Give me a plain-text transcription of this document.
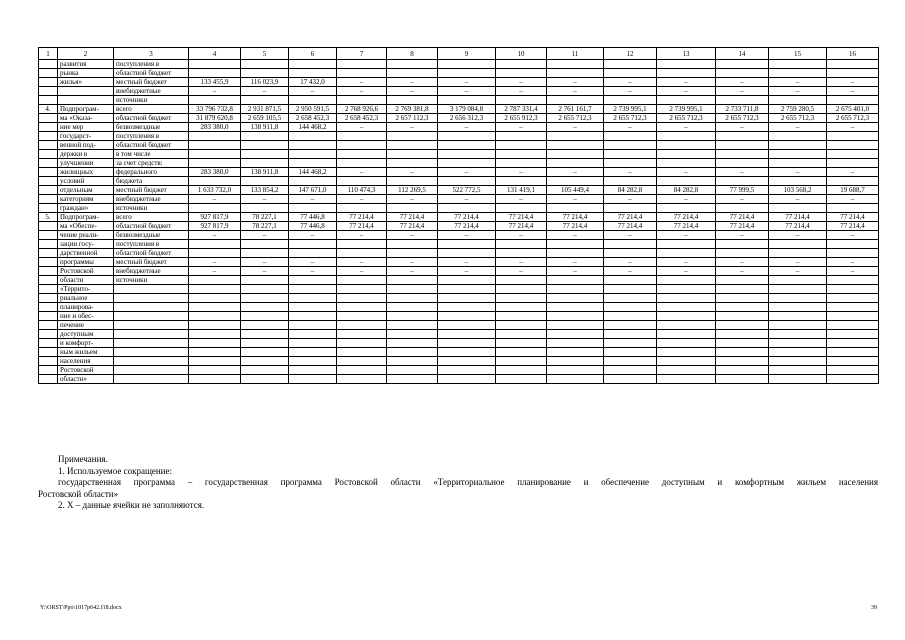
1	2	3	4	5	6	7	8	9	10	11	12	13	14	15	16
	развития	поступления в													
	рынка	областной бюджет													
	жилья»	местный бюджет	133 455,9	116 023,9	17 432,0	–	–	–	–	–	–	–	–	–	–
		внебюджетные	–	–	–	–	–	–	–	–	–	–	–	–	–
		источники													
4.	Подпрограм-	всего	33 796 732,8	2 931 871,5	2 950 591,5	2 768 926,6	2 769 381,8	3 179 084,8	2 787 331,4	2 761 161,7	2 739 995,1	2 739 995,1	2 733 711,8	2 759 280,5	2 675 401,0
	ма «Оказа-	областной бюджет	31 879 620,8	2 659 105,5	2 658 452,3	2 658 452,3	2 657 112,3	2 656 312,3	2 655 912,3	2 655 712,3	2 655 712,3	2 655 712,3	2 655 712,3	2 655 712,3	2 655 712,3
	ние мер	безвозмездные	283 380,0	138 911,8	144 468,2	–	–	–	–	–	–	–	–	–	–
	государст-	поступления в													
	венной под-	областной бюджет													
	держки в	в том числе													
	улучшении	за счет средств:													
	жилищных	федерального	283 380,0	138 911,8	144 468,2	–	–	–	–	–	–	–	–	–	–
	условий	бюджета													
	отдельным	местный бюджет	1 633 732,0	133 854,2	147 671,0	110 474,3	112 269,5	522 772,5	131 419,1	105 449,4	84 282,8	84 282,8	77 999,5	103 568,2	19 688,7
	категориям	внебюджетные	–	–	–	–	–	–	–	–	–	–	–	–	–
	граждан»	источники													
5.	Подпрограм-	всего	927 817,9	78 227,1	77 446,8	77 214,4	77 214,4	77 214,4	77 214,4	77 214,4	77 214,4	77 214,4	77 214,4	77 214,4	77 214,4
	ма «Обеспе-	областной бюджет	927 817,9	78 227,1	77 446,8	77 214,4	77 214,4	77 214,4	77 214,4	77 214,4	77 214,4	77 214,4	77 214,4	77 214,4	77 214,4
	чение реали-	безвозмездные	–	–	–	–	–	–	–	–	–	–	–	–	–
	зации госу-	поступления в													
	дарственной	областной бюджет													
	программы	местный бюджет	–	–	–	–	–	–	–	–	–	–	–	–	–
	Ростовской	внебюджетные	–	–	–	–	–	–	–	–	–	–	–	–	–
	области	источники													
	«Террито-														
	риальное														
	планирова-														
	ние и обес-														
	печение														
	доступным														
	и комфорт-														
	ным жильем														
	населения														
	Ростовской														
	области»														
Примечания.
1. Используемое сокращение:
государственная программа – государственная программа Ростовской области «Территориальное планирование и обеспечение доступным и комфортным жильем населения
Ростовской области»
2. Х – данные ячейки не заполняются.
Y:\ORST\Ppo\1017p642.f18.docx	39
